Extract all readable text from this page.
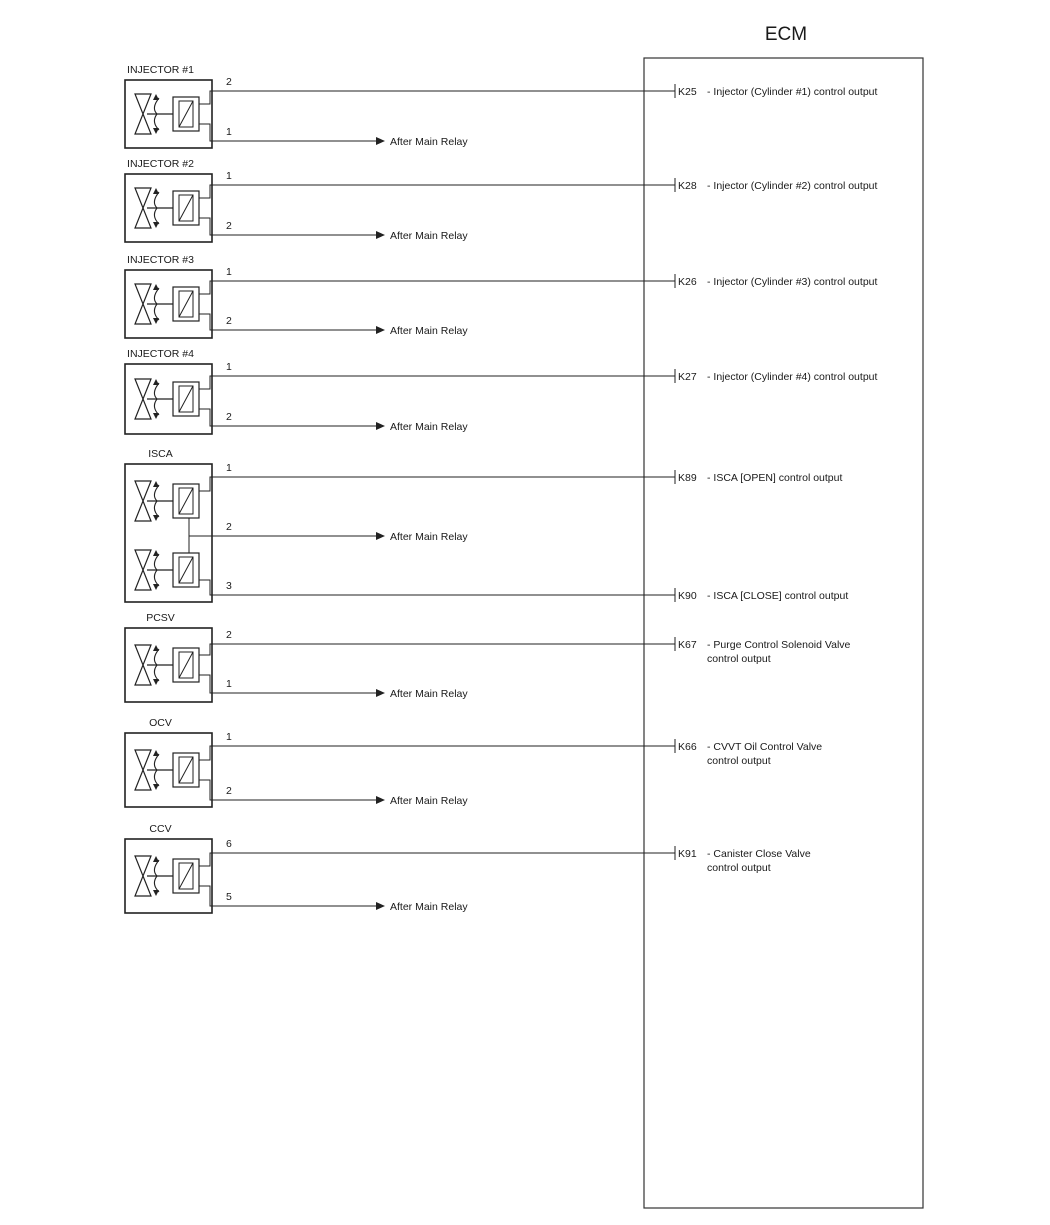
ECM
INJECTOR #1
2
K25 - Injector (Cylinder #1) control output
1
After Main Relay
INJECTOR #2
1
K28 - Injector (Cylinder #2) control output
2
After Main Relay
INJECTOR #3
1
K26 - Injector (Cylinder #3) control output
2
After Main Relay
INJECTOR #4
1
K27 - Injector (Cylinder #4) control output
2
After Main Relay
ISCA
1
K89 - ISCA [OPEN] control output
2
After Main Relay
3
K90 - ISCA [CLOSE] control output
PCSV
2
K67 - Purge Control Solenoid Valve
control output
1
After Main Relay
OCV
1
K66 - CVVT Oil Control Valve
control output
2
After Main Relay
CCV
6
K91 - Canister Close Valve
control output
5
After Main Relay
